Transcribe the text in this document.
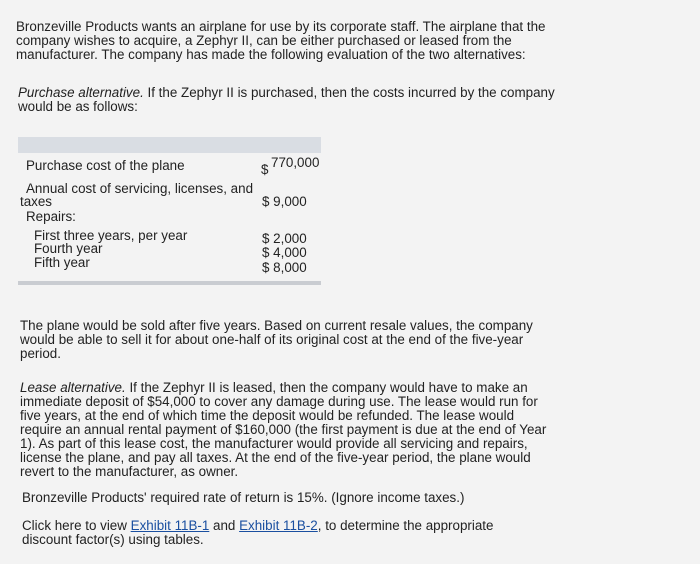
Bronzeville Products wants an airplane for use by its corporate staff. The airplane that the company wishes to acquire, a Zephyr II, can be either purchased or leased from the manufacturer. The company has made the following evaluation of the two alternatives:
Purchase alternative. If the Zephyr II is purchased, then the costs incurred by the company would be as follows:
Purchase cost of the plane	$ 770,000
Annual cost of servicing, licenses, and
taxes	$ 9,000
Repairs:
First three years, per year	$ 2,000
Fourth year	$ 4,000
Fifth year	$ 8,000
The plane would be sold after five years. Based on current resale values, the company would be able to sell it for about one-half of its original cost at the end of the five-year period.
Lease alternative. If the Zephyr II is leased, then the company would have to make an immediate deposit of $54,000 to cover any damage during use. The lease would run for five years, at the end of which time the deposit would be refunded. The lease would require an annual rental payment of $160,000 (the first payment is due at the end of Year 1). As part of this lease cost, the manufacturer would provide all servicing and repairs, license the plane, and pay all taxes. At the end of the five-year period, the plane would revert to the manufacturer, as owner.
Bronzeville Products' required rate of return is 15%. (Ignore income taxes.)
Click here to view Exhibit 11B-1 and Exhibit 11B-2, to determine the appropriate discount factor(s) using tables.
